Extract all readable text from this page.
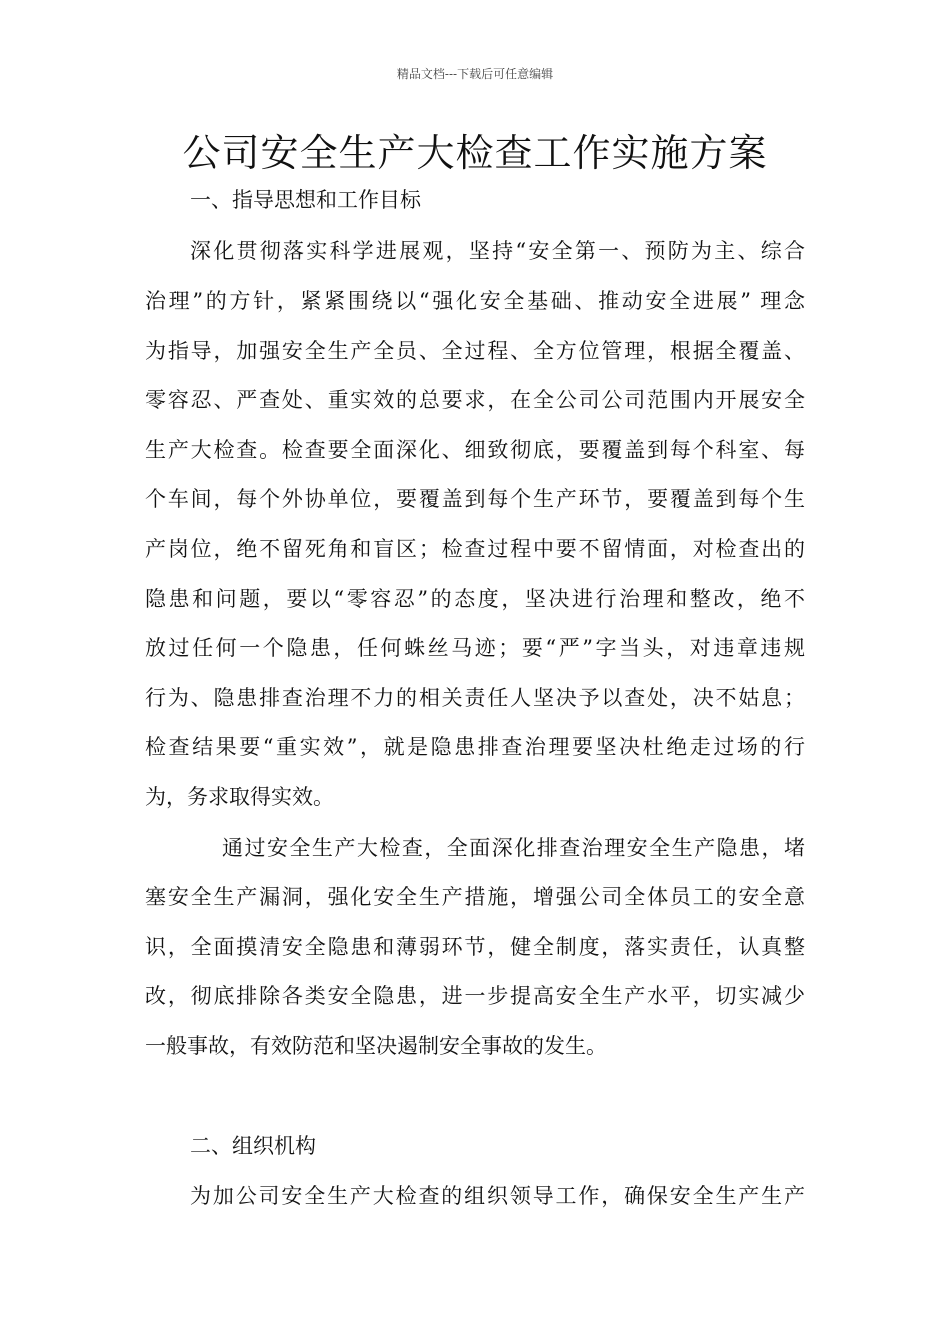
精品文档---下载后可任意编辑
公司安全生产大检查工作实施方案
一、指导思想和工作目标
深化贯彻落实科学进展观，坚持“安全第一、预防为主、综合
治理”的方针，紧紧围绕以“强化安全基础、推动安全进展” 理念
为指导，加强安全生产全员、全过程、全方位管理，根据全覆盖、
零容忍、严查处、重实效的总要求，在全公司公司范围内开展安全
生产大检查。检查要全面深化、细致彻底，要覆盖到每个科室、每
个车间，每个外协单位，要覆盖到每个生产环节，要覆盖到每个生
产岗位，绝不留死角和盲区；检查过程中要不留情面，对检查出的
隐患和问题，要以“零容忍”的态度，坚决进行治理和整改，绝不
放过任何一个隐患，任何蛛丝马迹；要“严”字当头，对违章违规
行为、隐患排查治理不力的相关责任人坚决予以查处，决不姑息；
检查结果要“重实效”，就是隐患排查治理要坚决杜绝走过场的行
为，务求取得实效。
通过安全生产大检查，全面深化排查治理安全生产隐患，堵
塞安全生产漏洞，强化安全生产措施，增强公司全体员工的安全意
识，全面摸清安全隐患和薄弱环节，健全制度，落实责任，认真整
改，彻底排除各类安全隐患，进一步提高安全生产水平，切实减少
一般事故，有效防范和坚决遏制安全事故的发生。
二、组织机构
为加公司安全生产大检查的组织领导工作，确保安全生产生产
